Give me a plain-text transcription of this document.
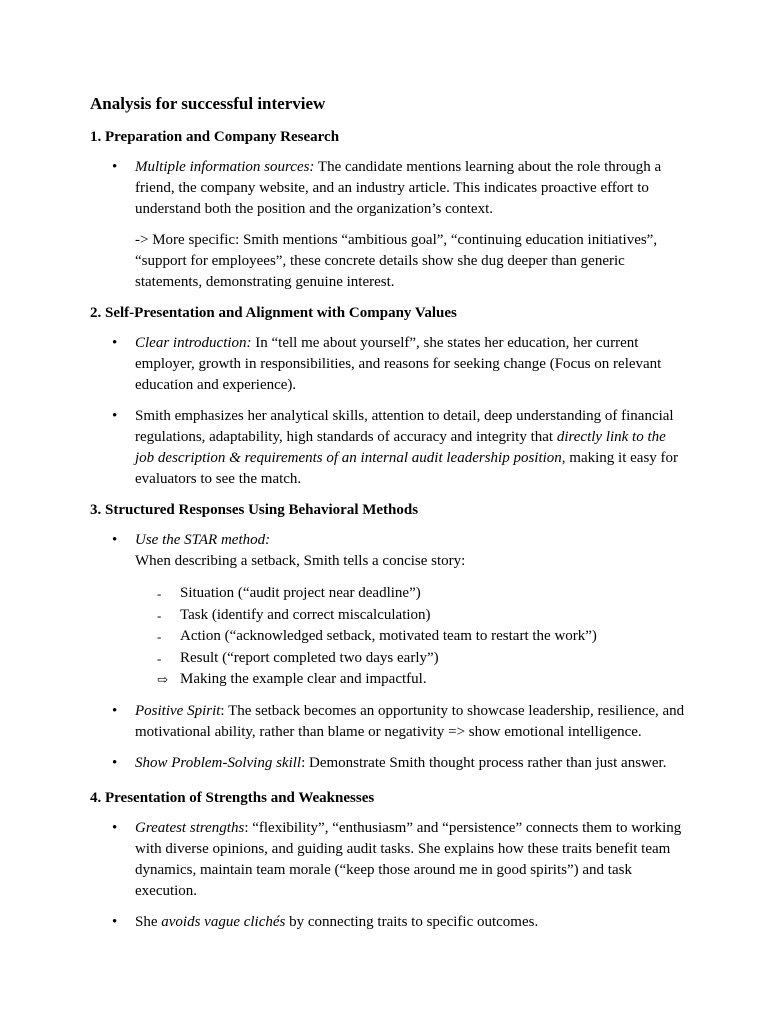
Analysis for successful interview
1. Preparation and Company Research
• Multiple information sources: The candidate mentions learning about the role through a friend, the company website, and an industry article. This indicates proactive effort to understand both the position and the organization’s context.

-> More specific: Smith mentions “ambitious goal”, “continuing education initiatives”, “support for employees”, these concrete details show she dug deeper than generic statements, demonstrating genuine interest.

2. Self-Presentation and Alignment with Company Values
• Clear introduction: In “tell me about yourself”, she states her education, her current employer, growth in responsibilities, and reasons for seeking change (Focus on relevant education and experience).

• Smith emphasizes her analytical skills, attention to detail, deep understanding of financial regulations, adaptability, high standards of accuracy and integrity that directly link to the job description & requirements of an internal audit leadership position, making it easy for evaluators to see the match.

3. Structured Responses Using Behavioral Methods
• Use the STAR method:
When describing a setback, Smith tells a concise story:

- Situation (“audit project near deadline”)
- Task (identify and correct miscalculation)
- Action (“acknowledged setback, motivated team to restart the work”)
- Result (“report completed two days early”)
⇨ Making the example clear and impactful.
• Positive Spirit: The setback becomes an opportunity to showcase leadership, resilience, and motivational ability, rather than blame or negativity => show emotional intelligence.

• Show Problem-Solving skill: Demonstrate Smith thought process rather than just answer.

4. Presentation of Strengths and Weaknesses
• Greatest strengths: “flexibility”, “enthusiasm” and “persistence” connects them to working with diverse opinions, and guiding audit tasks. She explains how these traits benefit team dynamics, maintain team morale (“keep those around me in good spirits”) and task execution.

• She avoids vague clichés by connecting traits to specific outcomes.
